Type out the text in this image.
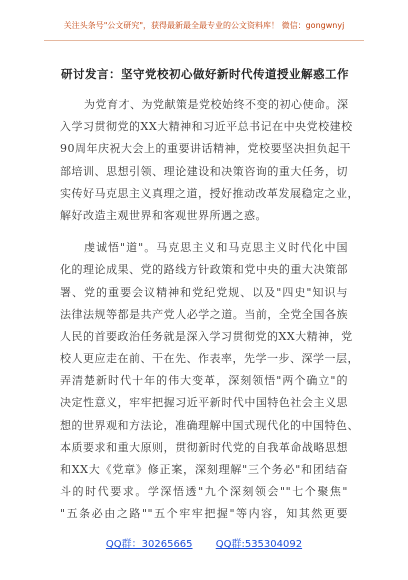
关注头条号"公文研究"，获得最新最全最专业的公文资料库！ 微信：gongwnyj
研讨发言：坚守党校初心做好新时代传道授业解惑工作
为党育才、为党献策是党校始终不变的初心使命。深
入学习贯彻党的XX大精神和习近平总书记在中央党校建校
90周年庆祝大会上的重要讲话精神，党校要坚决担负起干
部培训、思想引领、理论建设和决策咨询的重大任务，切
实传好马克思主义真理之道，授好推动改革发展稳定之业，
解好改造主观世界和客观世界所遇之惑。
虔诚悟"道"。马克思主义和马克思主义时代化中国
化的理论成果、党的路线方针政策和党中央的重大决策部
署、党的重要会议精神和党纪党规、以及"四史"知识与
法律法规等都是共产党人必学之道。当前，全党全国各族
人民的首要政治任务就是深入学习贯彻党的XX大精神，党
校人更应走在前、干在先、作表率，先学一步、深学一层，
弄清楚新时代十年的伟大变革，深刻领悟"两个确立"的
决定性意义，牢牢把握习近平新时代中国特色社会主义思
想的世界观和方法论，准确理解中国式现代化的中国特色、
本质要求和重大原则，贯彻新时代党的自我革命战略思想
和XX大《党章》修正案，深刻理解"三个务必"和团结奋
斗的时代要求。学深悟透"九个深刻领会""七个聚焦"
"五条必由之路""五个牢牢把握"等内容，知其然更要
QQ群：30265665 QQ群:535304092
